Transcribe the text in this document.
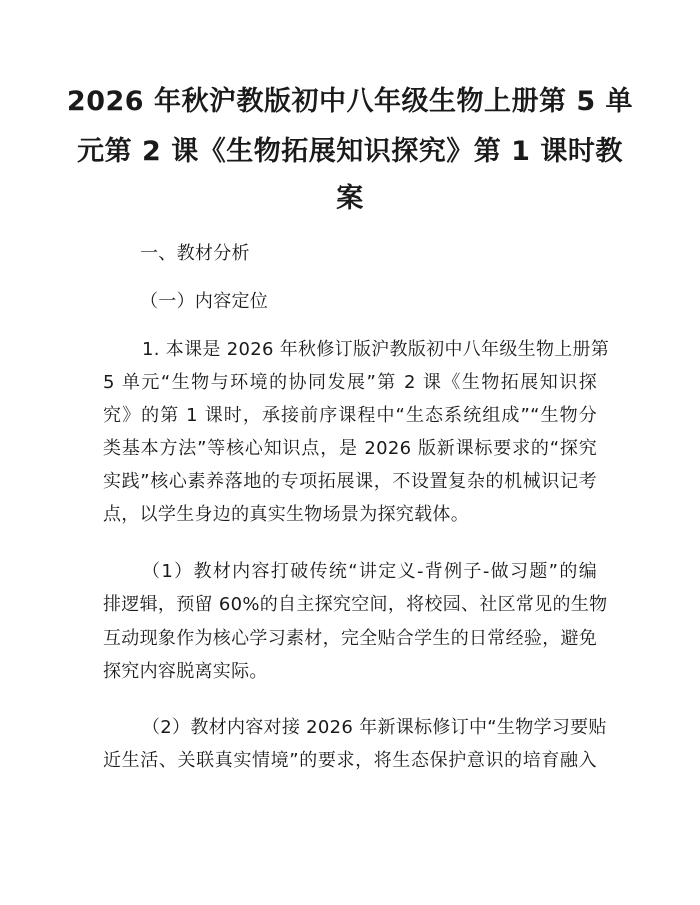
2026 年秋沪教版初中八年级生物上册第 5 单
元第 2 课《生物拓展知识探究》第 1 课时教
案
一、教材分析
（一）内容定位
1. 本课是 2026 年秋修订版沪教版初中八年级生物上册第
5 单元“生物与环境的协同发展”第 2 课《生物拓展知识探
究》的第 1 课时，承接前序课程中“生态系统组成”“生物分
类基本方法”等核心知识点，是 2026 版新课标要求的“探究
实践”核心素养落地的专项拓展课，不设置复杂的机械识记考
点，以学生身边的真实生物场景为探究载体。
（1）教材内容打破传统“讲定义-背例子-做习题”的编
排逻辑，预留 60%的自主探究空间，将校园、社区常见的生物
互动现象作为核心学习素材，完全贴合学生的日常经验，避免
探究内容脱离实际。
（2）教材内容对接 2026 年新课标修订中“生物学习要贴
近生活、关联真实情境”的要求，将生态保护意识的培育融入
